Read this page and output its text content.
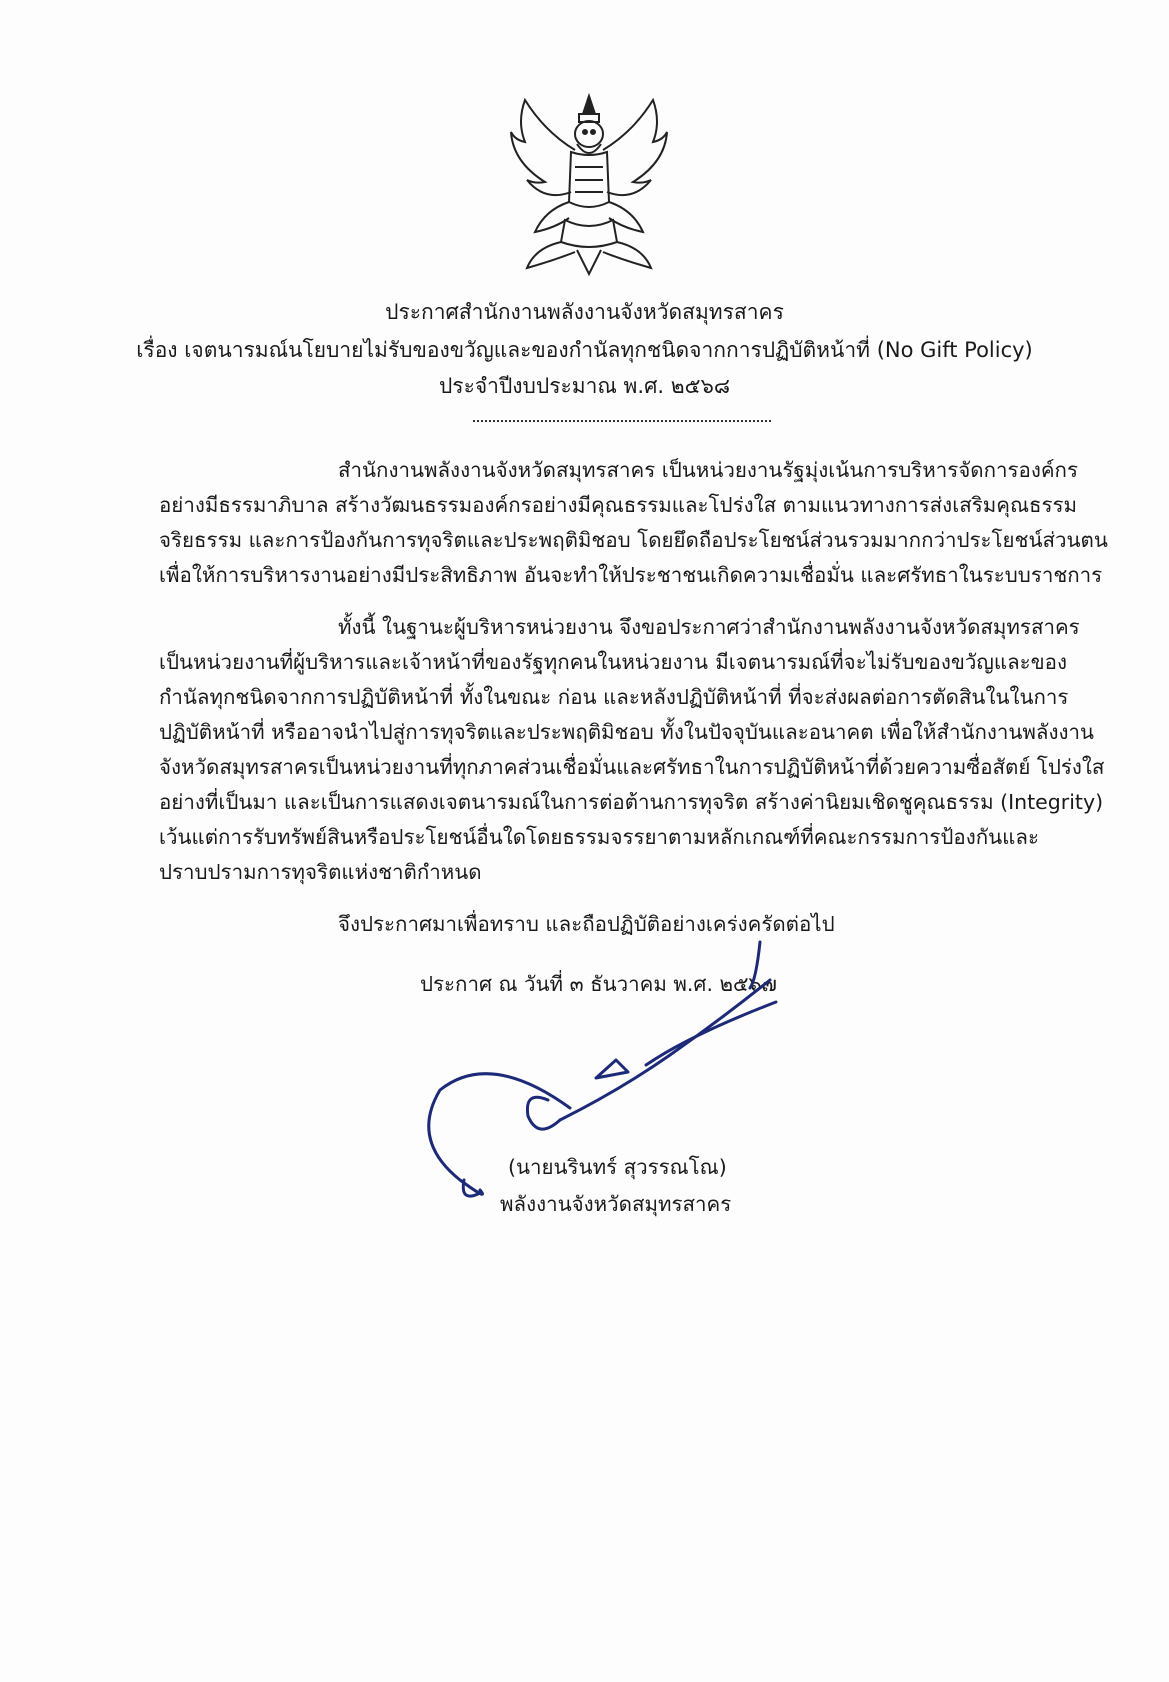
ประกาศสำนักงานพลังงานจังหวัดสมุทรสาคร
เรื่อง เจตนารมณ์นโยบายไม่รับของขวัญและของกำนัลทุกชนิดจากการปฏิบัติหน้าที่ (No Gift Policy)
ประจำปีงบประมาณ พ.ศ. ๒๕๖๘
สำนักงานพลังงานจังหวัดสมุทรสาคร เป็นหน่วยงานรัฐมุ่งเน้นการบริหารจัดการองค์กร
อย่างมีธรรมาภิบาล สร้างวัฒนธรรมองค์กรอย่างมีคุณธรรมและโปร่งใส ตามแนวทางการส่งเสริมคุณธรรม
จริยธรรม และการป้องกันการทุจริตและประพฤติมิชอบ โดยยึดถือประโยชน์ส่วนรวมมากกว่าประโยชน์ส่วนตน
เพื่อให้การบริหารงานอย่างมีประสิทธิภาพ อันจะทำให้ประชาชนเกิดความเชื่อมั่น และศรัทธาในระบบราชการ
ทั้งนี้ ในฐานะผู้บริหารหน่วยงาน จึงขอประกาศว่าสำนักงานพลังงานจังหวัดสมุทรสาคร
เป็นหน่วยงานที่ผู้บริหารและเจ้าหน้าที่ของรัฐทุกคนในหน่วยงาน มีเจตนารมณ์ที่จะไม่รับของขวัญและของ
กำนัลทุกชนิดจากการปฏิบัติหน้าที่ ทั้งในขณะ ก่อน และหลังปฏิบัติหน้าที่ ที่จะส่งผลต่อการตัดสินในในการ
ปฏิบัติหน้าที่ หรืออาจนำไปสู่การทุจริตและประพฤติมิชอบ ทั้งในปัจจุบันและอนาคต เพื่อให้สำนักงานพลังงาน
จังหวัดสมุทรสาครเป็นหน่วยงานที่ทุกภาคส่วนเชื่อมั่นและศรัทธาในการปฏิบัติหน้าที่ด้วยความซื่อสัตย์ โปร่งใส
อย่างที่เป็นมา และเป็นการแสดงเจตนารมณ์ในการต่อต้านการทุจริต สร้างค่านิยมเชิดชูคุณธรรม (Integrity)
เว้นแต่การรับทรัพย์สินหรือประโยชน์อื่นใดโดยธรรมจรรยาตามหลักเกณฑ์ที่คณะกรรมการป้องกันและ
ปราบปรามการทุจริตแห่งชาติกำหนด
จึงประกาศมาเพื่อทราบ และถือปฏิบัติอย่างเคร่งครัดต่อไป
ประกาศ ณ วันที่ ๓ ธันวาคม พ.ศ. ๒๕๖๗
(นายนรินทร์ สุวรรณโณ)
พลังงานจังหวัดสมุทรสาคร
